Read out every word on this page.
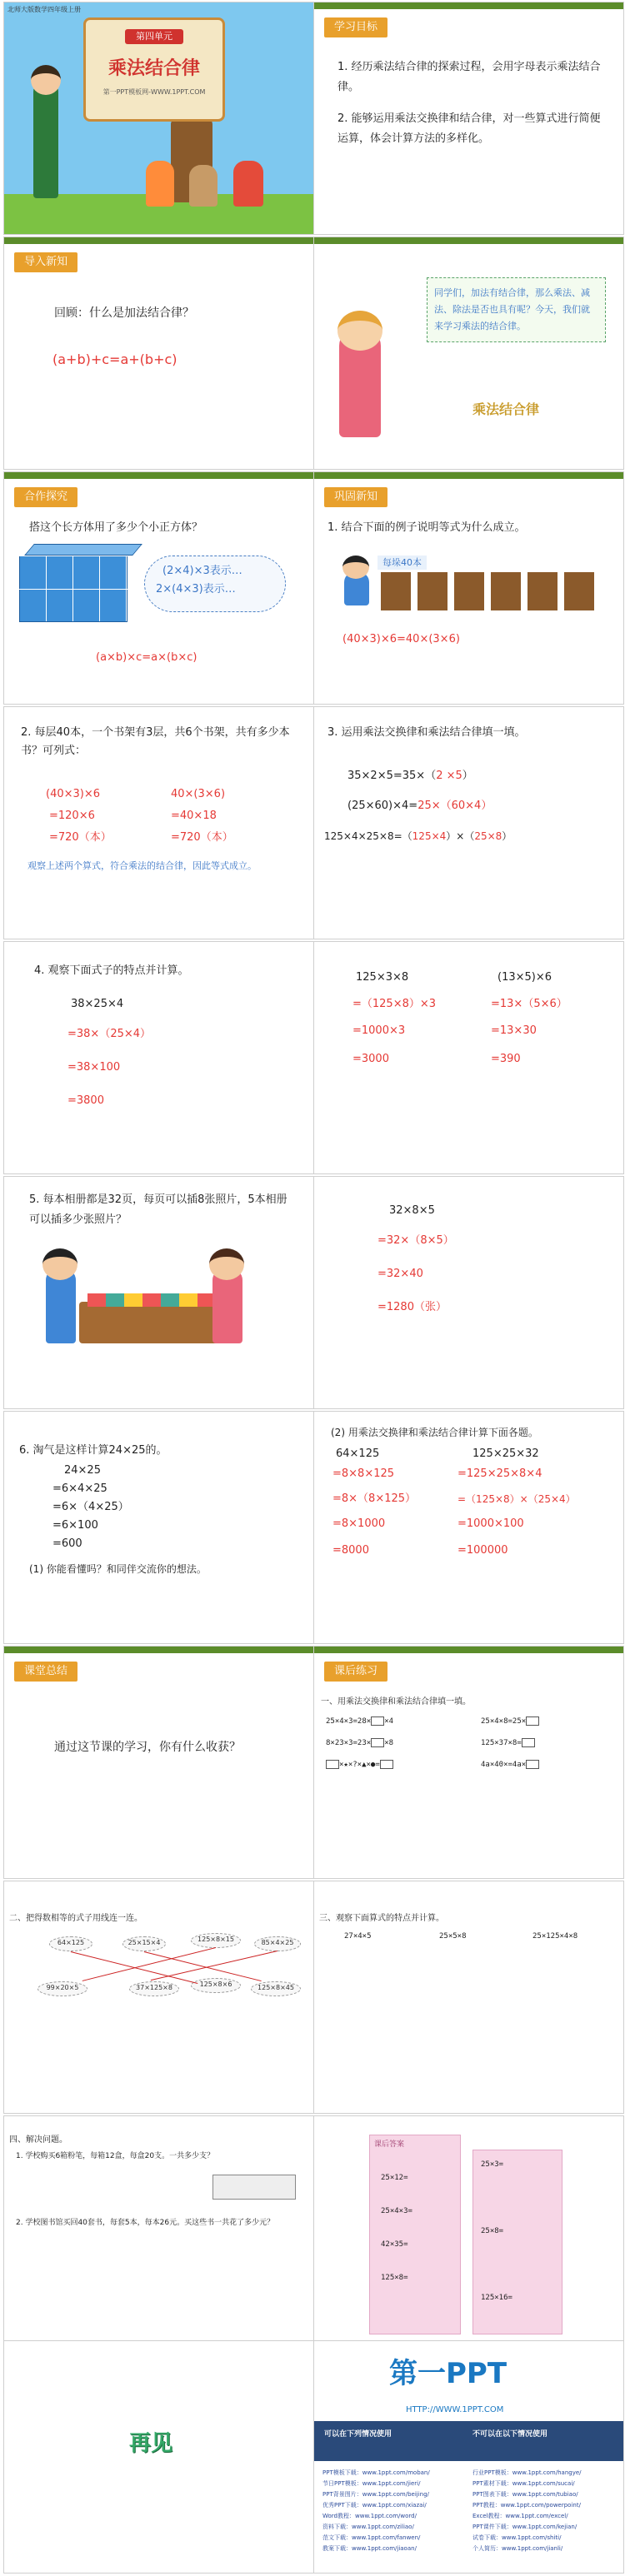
北师大版数学四年级上册
第四单元
乘法结合律
第一PPT模板网-WWW.1PPT.COM
学习目标
1. 经历乘法结合律的探索过程，会用字母表示乘法结合律。
2. 能够运用乘法交换律和结合律，对一些算式进行简便运算，体会计算方法的多样化。
导入新知
回顾：什么是加法结合律？
(a+b)+c=a+(b+c)
同学们，加法有结合律，那么乘法、减法、除法是否也具有呢？今天，我们就来学习乘法的结合律。
乘法结合律
合作探究
搭这个长方体用了多少个小正方体？
(2×4)×3表示…
2×(4×3)表示…
(a×b)×c=a×(b×c)
巩固新知
1. 结合下面的例子说明等式为什么成立。
每垛40本
(40×3)×6=40×(3×6)
2. 每层40本，一个书架有3层，共6个书架，共有多少本书？可列式：
(40×3)×6	40×(3×6)
=120×6	=40×18
=720（本）	=720（本）
观察上述两个算式，符合乘法的结合律，因此等式成立。
3. 运用乘法交换律和乘法结合律填一填。
35×2×5=35×（2 ×5）
(25×60)×4=25×（60×4）
125×4×25×8=（125×4）×（25×8）
4. 观察下面式子的特点并计算。
38×25×4
=38×（25×4）
=38×100
=3800
125×3×8
=（125×8）×3
=1000×3
=3000
(13×5)×6
=13×（5×6）
=13×30
=390
5. 每本相册都是32页，每页可以插8张照片，5本相册可以插多少张照片？
32×8×5
=32×（8×5）
=32×40
=1280（张）
6. 淘气是这样计算24×25的。
24×25
=6×4×25
=6×（4×25）
=6×100
=600
(1) 你能看懂吗？和同伴交流你的想法。
(2) 用乘法交换律和乘法结合律计算下面各题。
64×125
=8×8×125
=8×（8×125）
=8×1000
=8000
125×25×32
=125×25×8×4
=（125×8）×（25×4）
=1000×100
=100000
课堂总结
通过这节课的学习，你有什么收获？
课后练习
一、用乘法交换律和乘法结合律填一填。
25×4×3=28× ×4	25×4×8=25×
8×23×3=23× ×8	125×37×8=
×★×?×▲×●=	4a×40×=4a×
二、把得数相等的式子用线连一连。
64×125	25×15×4	125×8×15	85×4×25
99×20×5	37×125×8	125×8×6	125×8×45
三、观察下面算式的特点并计算。
27×4×5	25×5×8	25×125×4×8
四、解决问题。
1. 学校购买6箱粉笔，每箱12盒，每盒20支。一共多少支？
2. 学校图书馆买回40套书，每套5本，每本26元。买这些书一共花了多少元？
课后答案
25×12=
25×4×3=
42×35=
125×8=
25×3=
25×8=
125×16=
再见
第一PPT
HTTP://WWW.1PPT.COM
可以在下列情况使用	不可以在以下情况使用
PPT模板下载：www.1ppt.com/moban/
节日PPT模板：www.1ppt.com/jieri/
PPT背景图片：www.1ppt.com/beijing/
优秀PPT下载：www.1ppt.com/xiazai/
Word教程：www.1ppt.com/word/
资料下载：www.1ppt.com/ziliao/
范文下载：www.1ppt.com/fanwen/
教案下载：www.1ppt.com/jiaoan/
行业PPT模板：www.1ppt.com/hangye/
PPT素材下载：www.1ppt.com/sucai/
PPT图表下载：www.1ppt.com/tubiao/
PPT教程：www.1ppt.com/powerpoint/
Excel教程：www.1ppt.com/excel/
PPT课件下载：www.1ppt.com/kejian/
试卷下载：www.1ppt.com/shiti/
个人简历：www.1ppt.com/jianli/
